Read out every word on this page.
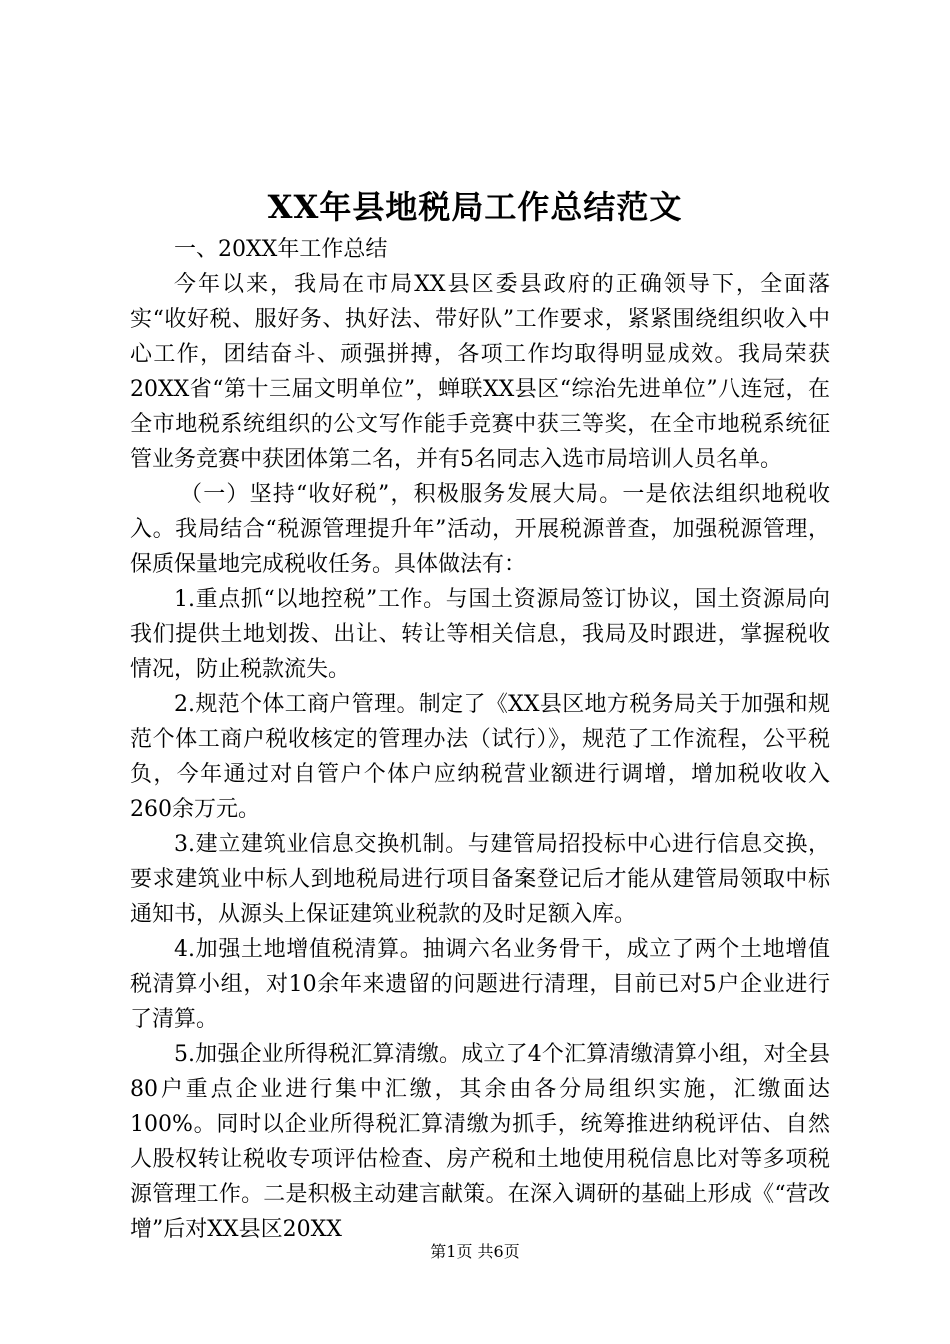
XX年县地税局工作总结范文

一、20XX年工作总结

今年以来，我局在市局XX县区委县政府的正确领导下，全面落实“收好税、服好务、执好法、带好队”工作要求，紧紧围绕组织收入中心工作，团结奋斗、顽强拼搏，各项工作均取得明显成效。我局荣获20XX省“第十三届文明单位”，蝉联XX县区“综治先进单位”八连冠，在全市地税系统组织的公文写作能手竞赛中获三等奖，在全市地税系统征管业务竞赛中获团体第二名，并有5名同志入选市局培训人员名单。

（一）坚持“收好税”，积极服务发展大局。一是依法组织地税收入。我局结合“税源管理提升年”活动，开展税源普查，加强税源管理，保质保量地完成税收任务。具体做法有：

1.重点抓“以地控税”工作。与国土资源局签订协议，国土资源局向我们提供土地划拨、出让、转让等相关信息，我局及时跟进，掌握税收情况，防止税款流失。

2.规范个体工商户管理。制定了《XX县区地方税务局关于加强和规范个体工商户税收核定的管理办法（试行）》，规范了工作流程，公平税负，今年通过对自管户个体户应纳税营业额进行调增，增加税收收入260余万元。

3.建立建筑业信息交换机制。与建管局招投标中心进行信息交换，要求建筑业中标人到地税局进行项目备案登记后才能从建管局领取中标通知书，从源头上保证建筑业税款的及时足额入库。

4.加强土地增值税清算。抽调六名业务骨干，成立了两个土地增值税清算小组，对10余年来遗留的问题进行清理，目前已对5户企业进行了清算。

5.加强企业所得税汇算清缴。成立了4个汇算清缴清算小组，对全县80户重点企业进行集中汇缴，其余由各分局组织实施，汇缴面达100%。同时以企业所得税汇算清缴为抓手，统筹推进纳税评估、自然人股权转让税收专项评估检查、房产税和土地使用税信息比对等多项税源管理工作。二是积极主动建言献策。在深入调研的基础上形成《“营改增”后对XX县区20XX

第1页 共6页
